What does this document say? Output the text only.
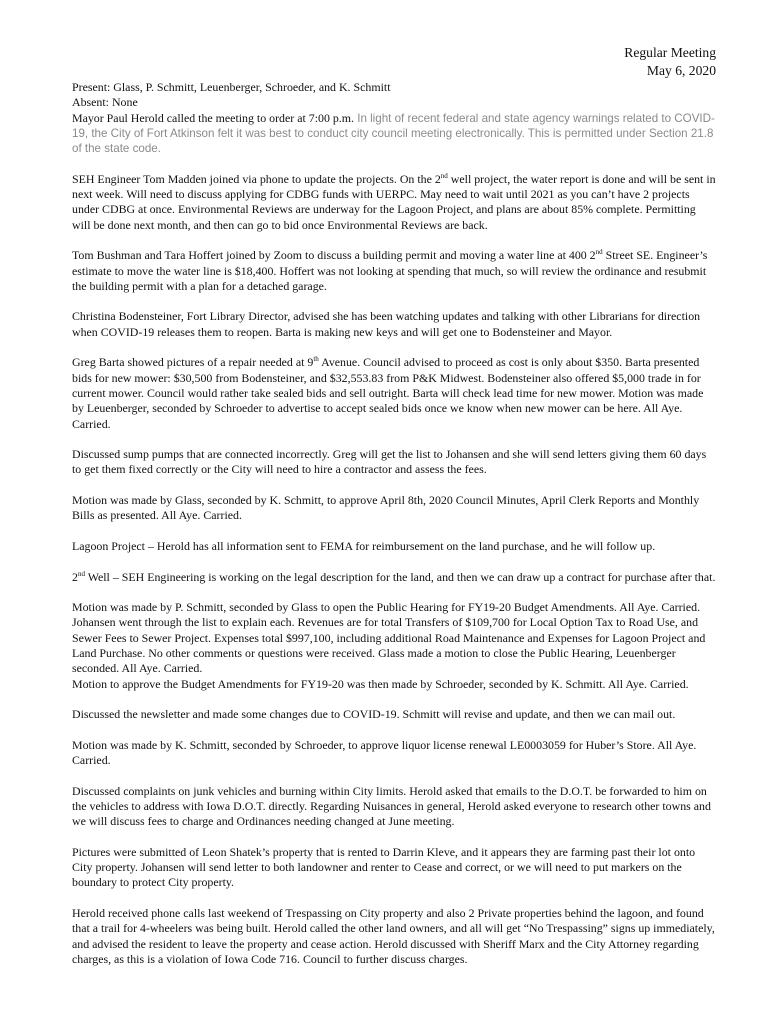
Regular Meeting
May 6, 2020
Present: Glass, P. Schmitt, Leuenberger, Schroeder, and K. Schmitt
Absent: None

Mayor Paul Herold called the meeting to order at 7:00 p.m. In light of recent federal and state agency warnings related to COVID-19, the City of Fort Atkinson felt it was best to conduct city council meeting electronically. This is permitted under Section 21.8 of the state code.

SEH Engineer Tom Madden joined via phone to update the projects. On the 2nd well project, the water report is done and will be sent in next week. Will need to discuss applying for CDBG funds with UERPC. May need to wait until 2021 as you can’t have 2 projects under CDBG at once. Environmental Reviews are underway for the Lagoon Project, and plans are about 85% complete. Permitting will be done next month, and then can go to bid once Environmental Reviews are back.

Tom Bushman and Tara Hoffert joined by Zoom to discuss a building permit and moving a water line at 400 2nd Street SE. Engineer’s estimate to move the water line is $18,400. Hoffert was not looking at spending that much, so will review the ordinance and resubmit the building permit with a plan for a detached garage.

Christina Bodensteiner, Fort Library Director, advised she has been watching updates and talking with other Librarians for direction when COVID-19 releases them to reopen. Barta is making new keys and will get one to Bodensteiner and Mayor.

Greg Barta showed pictures of a repair needed at 9th Avenue. Council advised to proceed as cost is only about $350. Barta presented bids for new mower: $30,500 from Bodensteiner, and $32,553.83 from P&K Midwest. Bodensteiner also offered $5,000 trade in for current mower. Council would rather take sealed bids and sell outright. Barta will check lead time for new mower. Motion was made by Leuenberger, seconded by Schroeder to advertise to accept sealed bids once we know when new mower can be here. All Aye. Carried.

Discussed sump pumps that are connected incorrectly. Greg will get the list to Johansen and she will send letters giving them 60 days to get them fixed correctly or the City will need to hire a contractor and assess the fees.

Motion was made by Glass, seconded by K. Schmitt, to approve April 8th, 2020 Council Minutes, April Clerk Reports and Monthly Bills as presented. All Aye. Carried.

Lagoon Project – Herold has all information sent to FEMA for reimbursement on the land purchase, and he will follow up.

2nd Well – SEH Engineering is working on the legal description for the land, and then we can draw up a contract for purchase after that.

Motion was made by P. Schmitt, seconded by Glass to open the Public Hearing for FY19-20 Budget Amendments. All Aye. Carried. Johansen went through the list to explain each. Revenues are for total Transfers of $109,700 for Local Option Tax to Road Use, and Sewer Fees to Sewer Project. Expenses total $997,100, including additional Road Maintenance and Expenses for Lagoon Project and Land Purchase. No other comments or questions were received. Glass made a motion to close the Public Hearing, Leuenberger seconded. All Aye. Carried.

Motion to approve the Budget Amendments for FY19-20 was then made by Schroeder, seconded by K. Schmitt. All Aye. Carried.

Discussed the newsletter and made some changes due to COVID-19. Schmitt will revise and update, and then we can mail out.

Motion was made by K. Schmitt, seconded by Schroeder, to approve liquor license renewal LE0003059 for Huber’s Store. All Aye. Carried.

Discussed complaints on junk vehicles and burning within City limits. Herold asked that emails to the D.O.T. be forwarded to him on the vehicles to address with Iowa D.O.T. directly. Regarding Nuisances in general, Herold asked everyone to research other towns and we will discuss fees to charge and Ordinances needing changed at June meeting.

Pictures were submitted of Leon Shatek’s property that is rented to Darrin Kleve, and it appears they are farming past their lot onto City property. Johansen will send letter to both landowner and renter to Cease and correct, or we will need to put markers on the boundary to protect City property.

Herold received phone calls last weekend of Trespassing on City property and also 2 Private properties behind the lagoon, and found that a trail for 4-wheelers was being built. Herold called the other land owners, and all will get “No Trespassing” signs up immediately, and advised the resident to leave the property and cease action. Herold discussed with Sheriff Marx and the City Attorney regarding charges, as this is a violation of Iowa Code 716. Council to further discuss charges.
